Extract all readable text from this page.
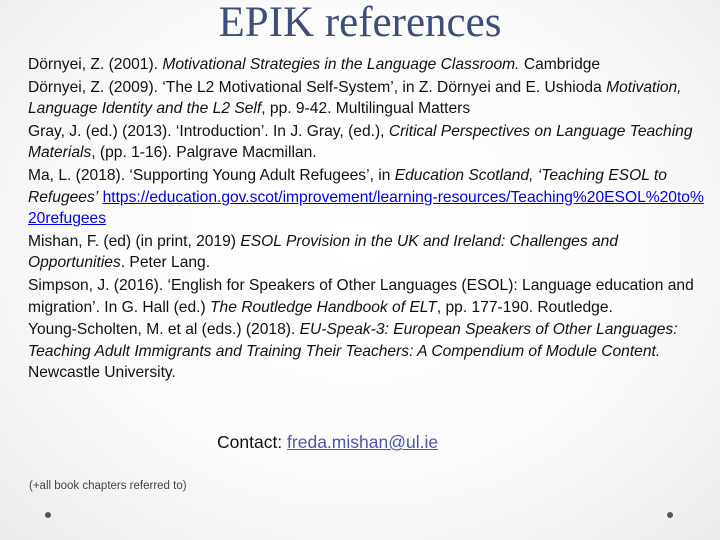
EPIK references
Dörnyei, Z. (2001). Motivational Strategies in the Language Classroom. Cambridge
Dörnyei, Z. (2009). ‘The L2 Motivational Self-System’, in Z. Dörnyei and E. Ushioda Motivation, Language Identity and the L2 Self, pp. 9-42. Multilingual Matters
Gray, J. (ed.) (2013). ‘Introduction’. In J. Gray, (ed.), Critical Perspectives on Language Teaching Materials, (pp. 1-16). Palgrave Macmillan.
Ma, L. (2018). ‘Supporting Young Adult Refugees’, in Education Scotland, ‘Teaching ESOL to Refugees’ https://education.gov.scot/improvement/learning-resources/Teaching%20ESOL%20to%20refugees
Mishan, F. (ed) (in print, 2019) ESOL Provision in the UK and Ireland: Challenges and Opportunities. Peter Lang.
Simpson, J. (2016). ‘English for Speakers of Other Languages (ESOL): Language education and migration’. In G. Hall (ed.) The Routledge Handbook of ELT, pp. 177-190. Routledge.
Young-Scholten, M. et al (eds.) (2018). EU-Speak-3: European Speakers of Other Languages: Teaching Adult Immigrants and Training Their Teachers: A Compendium of Module Content. Newcastle University.
Contact: freda.mishan@ul.ie
(+all book chapters referred to)
